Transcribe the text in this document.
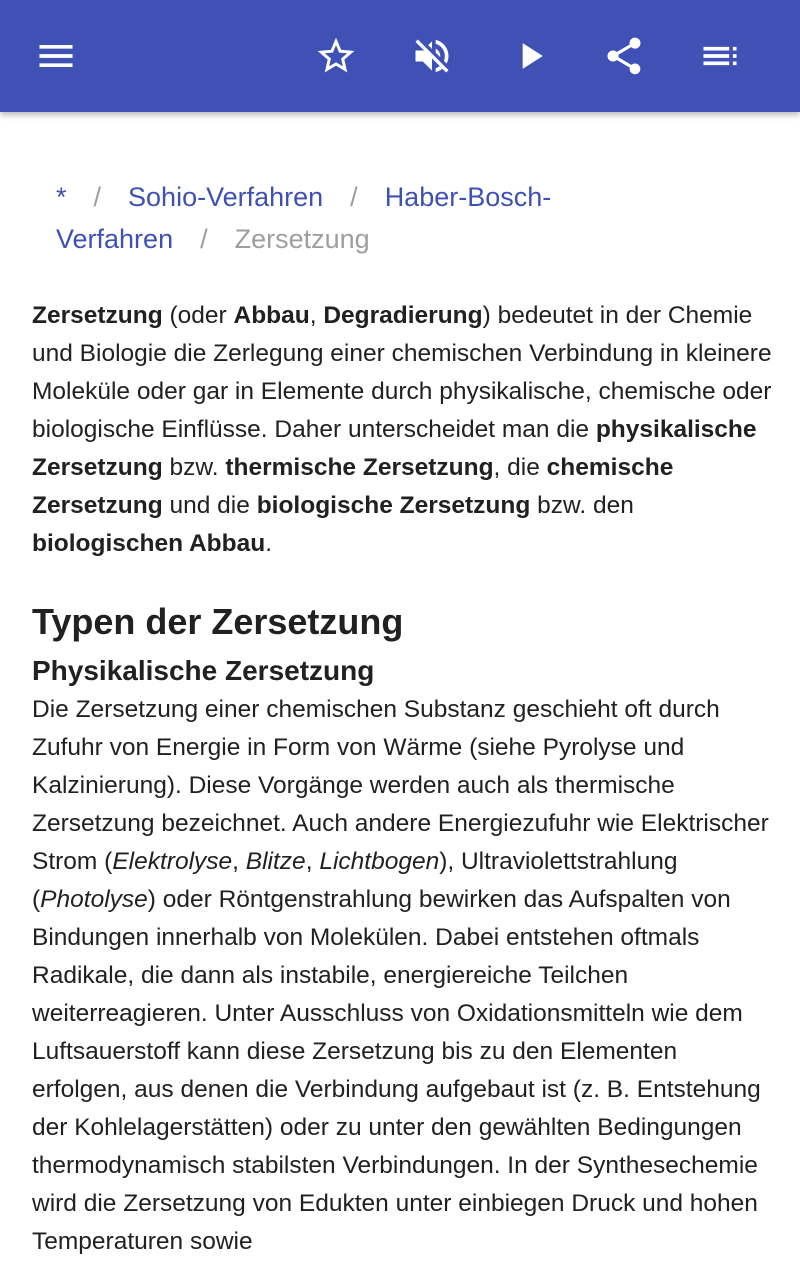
* / Sohio-Verfahren / Haber-Bosch-Verfahren / Zersetzung

Zersetzung (oder Abbau, Degradierung) bedeutet in der Chemie und Biologie die Zerlegung einer chemischen Verbindung in kleinere Moleküle oder gar in Elemente durch physikalische, chemische oder biologische Einflüsse. Daher unterscheidet man die physikalische Zersetzung bzw. thermische Zersetzung, die chemische Zersetzung und die biologische Zersetzung bzw. den biologischen Abbau.

Typen der Zersetzung
Physikalische Zersetzung

Die Zersetzung einer chemischen Substanz geschieht oft durch Zufuhr von Energie in Form von Wärme (siehe Pyrolyse und Kalzinierung). Diese Vorgänge werden auch als thermische Zersetzung bezeichnet. Auch andere Energiezufuhr wie Elektrischer Strom (Elektrolyse, Blitze, Lichtbogen), Ultraviolettstrahlung (Photolyse) oder Röntgenstrahlung bewirken das Aufspalten von Bindungen innerhalb von Molekülen. Dabei entstehen oftmals Radikale, die dann als instabile, energiereiche Teilchen weiterreagieren. Unter Ausschluss von Oxidationsmitteln wie dem Luftsauerstoff kann diese Zersetzung bis zu den Elementen erfolgen, aus denen die Verbindung aufgebaut ist (z. B. Entstehung der Kohlelagerstätten) oder zu unter den gewählten Bedingungen thermodynamisch stabilsten Verbindungen. In der Synthesechemie wird die Zersetzung von Edukten unter einbiegen Druck und hohen Temperaturen sowie
